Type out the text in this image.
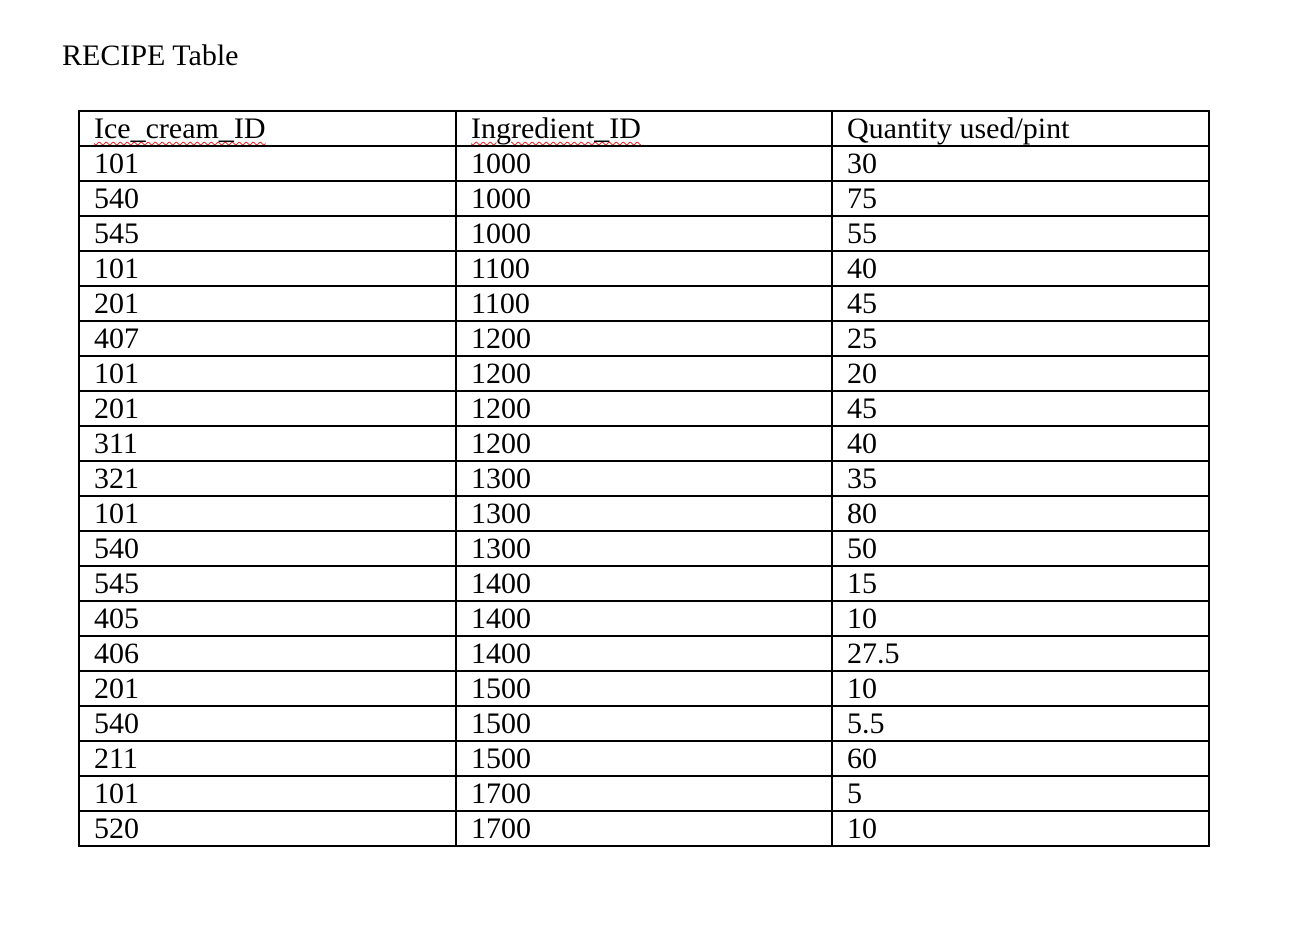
RECIPE Table
Ice_cream_ID	Ingredient_ID	Quantity used/pint
101	1000	30
540	1000	75
545	1000	55
101	1100	40
201	1100	45
407	1200	25
101	1200	20
201	1200	45
311	1200	40
321	1300	35
101	1300	80
540	1300	50
545	1400	15
405	1400	10
406	1400	27.5
201	1500	10
540	1500	5.5
211	1500	60
101	1700	5
520	1700	10
